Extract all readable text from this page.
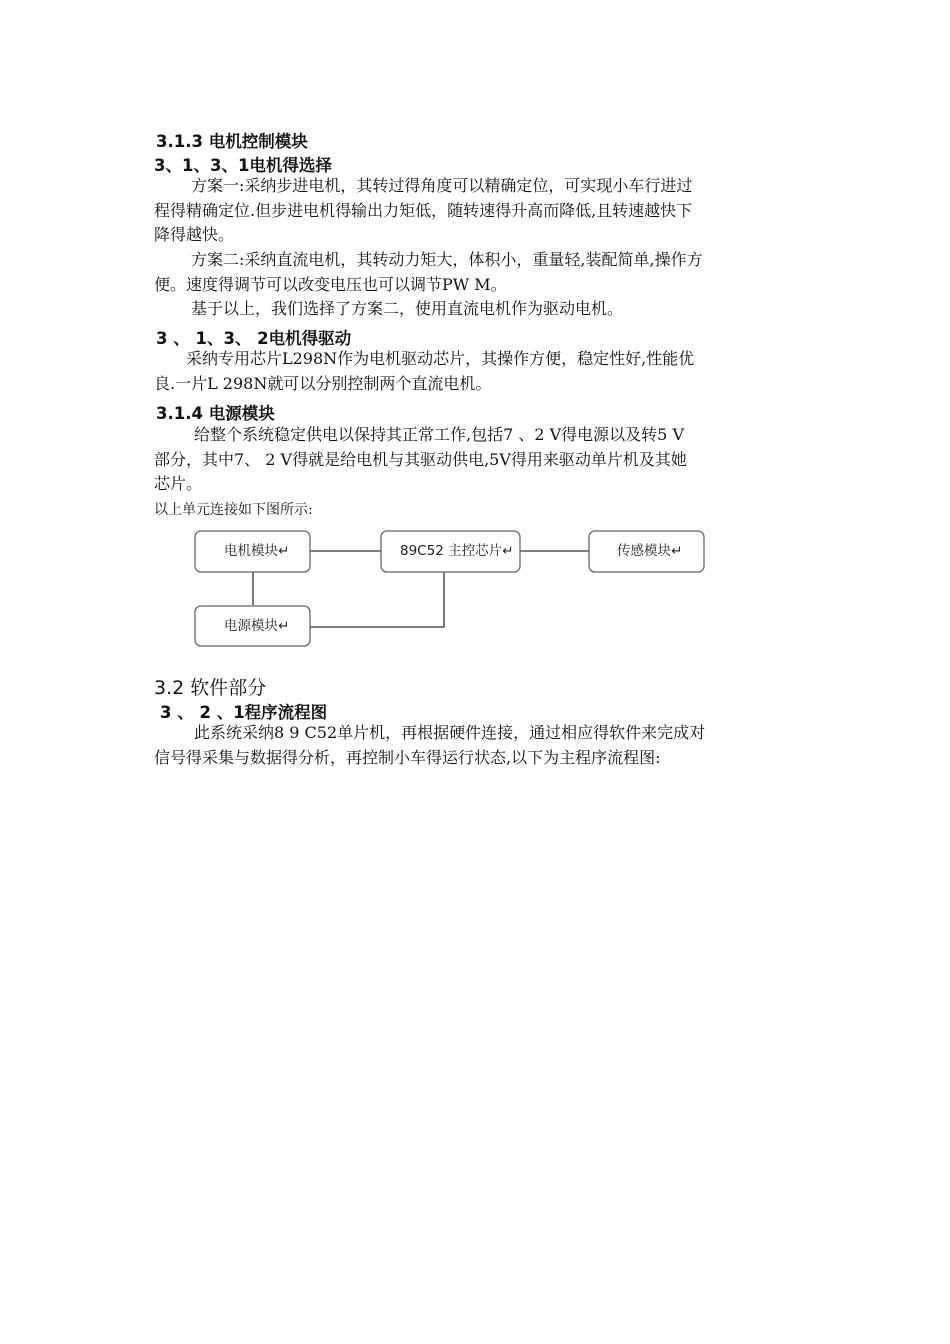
3.1.3 电机控制模块
3、1、3、1电机得选择
方案一:采纳步进电机，其转过得角度可以精确定位，可实现小车行进过
程得精确定位.但步进电机得输出力矩低，随转速得升高而降低,且转速越快下
降得越快。
方案二:采纳直流电机，其转动力矩大，体积小，重量轻,装配简单,操作方
便。速度得调节可以改变电压也可以调节PW M。
基于以上，我们选择了方案二，使用直流电机作为驱动电机。
3 、 1、3、 2电机得驱动
采纳专用芯片L298N作为电机驱动芯片，其操作方便，稳定性好,性能优
良.一片L 298N就可以分别控制两个直流电机。
3.1.4 电源模块
给整个系统稳定供电以保持其正常工作,包括7 、2 V得电源以及转5 V
部分，其中7、 2 V得就是给电机与其驱动供电,5V得用来驱动单片机及其她
芯片。
以上单元连接如下图所示:
电机模块↵	89C52 主控芯片↵	传感模块↵
电源模块↵
3.2 软件部分
3 、 2 、1程序流程图
此系统采纳8 9 C52单片机，再根据硬件连接，通过相应得软件来完成对
信号得采集与数据得分析，再控制小车得运行状态,以下为主程序流程图:
